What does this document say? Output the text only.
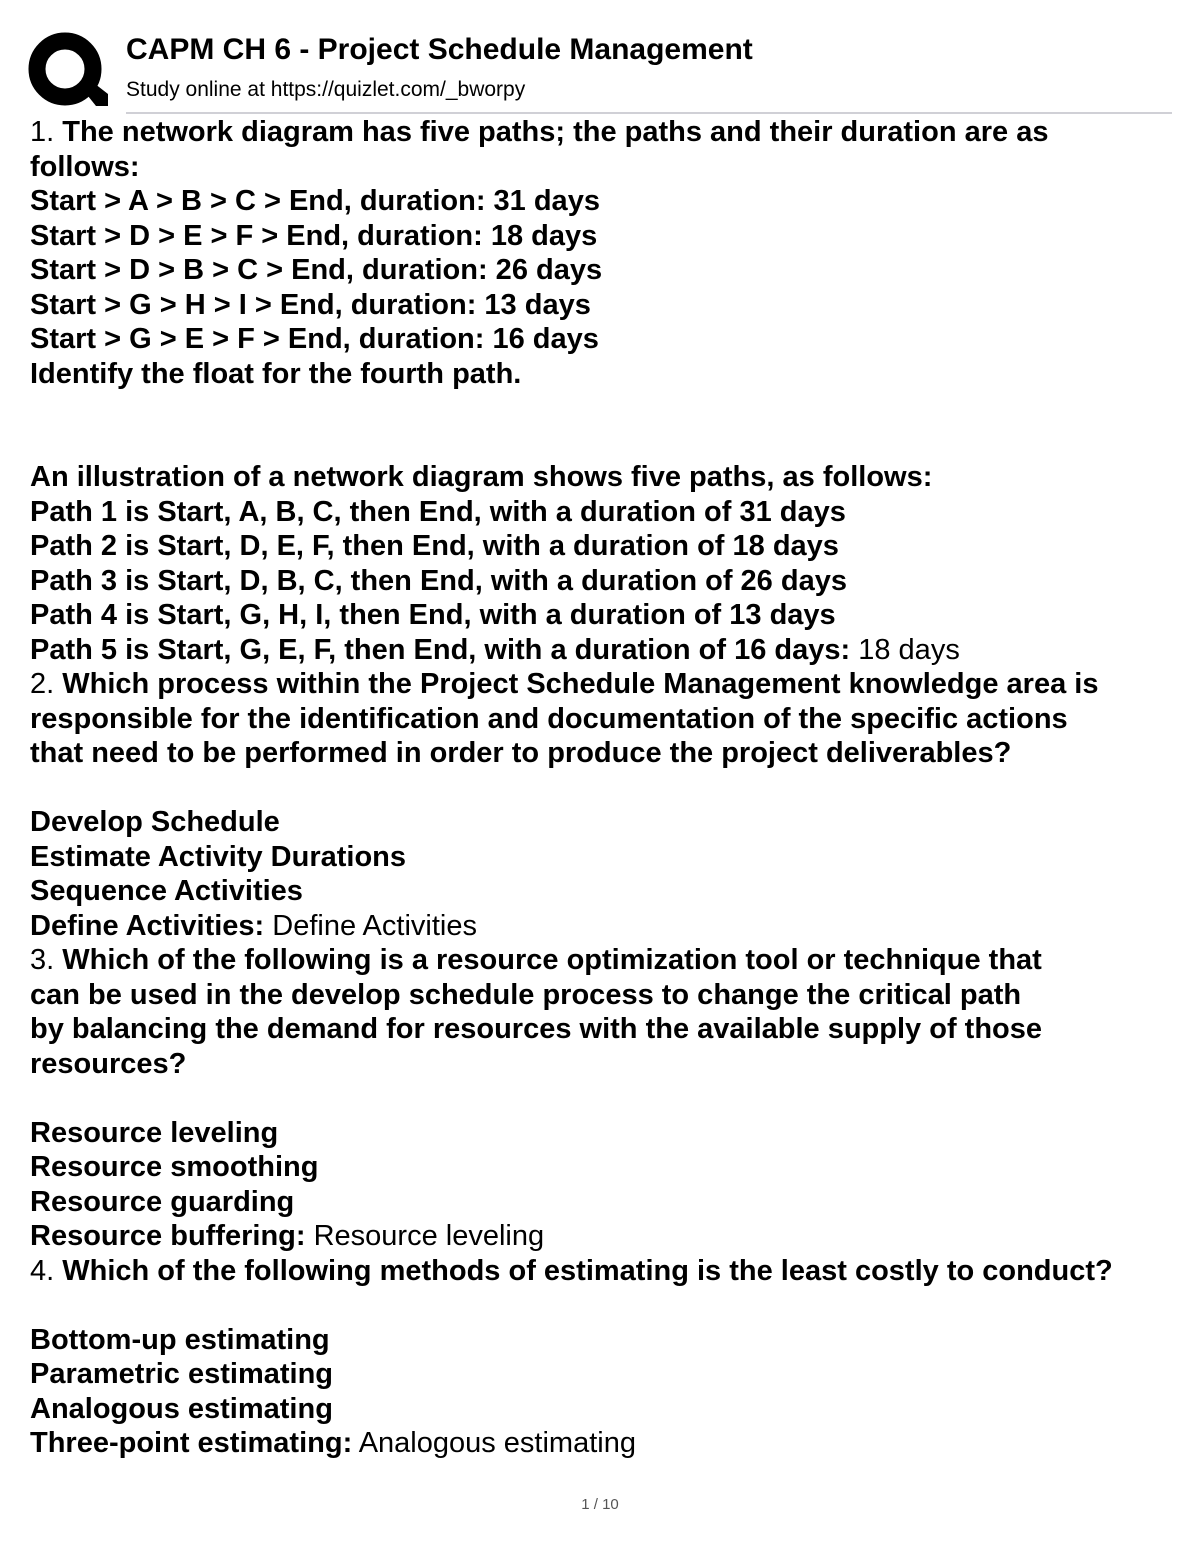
CAPM CH 6 - Project Schedule Management
Study online at https://quizlet.com/_bworpy
1. The network diagram has five paths; the paths and their duration are as
follows:
Start > A > B > C > End, duration: 31 days
Start > D > E > F > End, duration: 18 days
Start > D > B > C > End, duration: 26 days
Start > G > H > I > End, duration: 13 days
Start > G > E > F > End, duration: 16 days
Identify the float for the fourth path.
An illustration of a network diagram shows five paths, as follows:
Path 1 is Start, A, B, C, then End, with a duration of 31 days
Path 2 is Start, D, E, F, then End, with a duration of 18 days
Path 3 is Start, D, B, C, then End, with a duration of 26 days
Path 4 is Start, G, H, I, then End, with a duration of 13 days
Path 5 is Start, G, E, F, then End, with a duration of 16 days: 18 days
2. Which process within the Project Schedule Management knowledge area is
responsible for the identification and documentation of the specific actions
that need to be performed in order to produce the project deliverables?
Develop Schedule
Estimate Activity Durations
Sequence Activities
Define Activities: Define Activities
3. Which of the following is a resource optimization tool or technique that
can be used in the develop schedule process to change the critical path
by balancing the demand for resources with the available supply of those
resources?
Resource leveling
Resource smoothing
Resource guarding
Resource buffering: Resource leveling
4. Which of the following methods of estimating is the least costly to conduct?
Bottom-up estimating
Parametric estimating
Analogous estimating
Three-point estimating: Analogous estimating
1 / 10
